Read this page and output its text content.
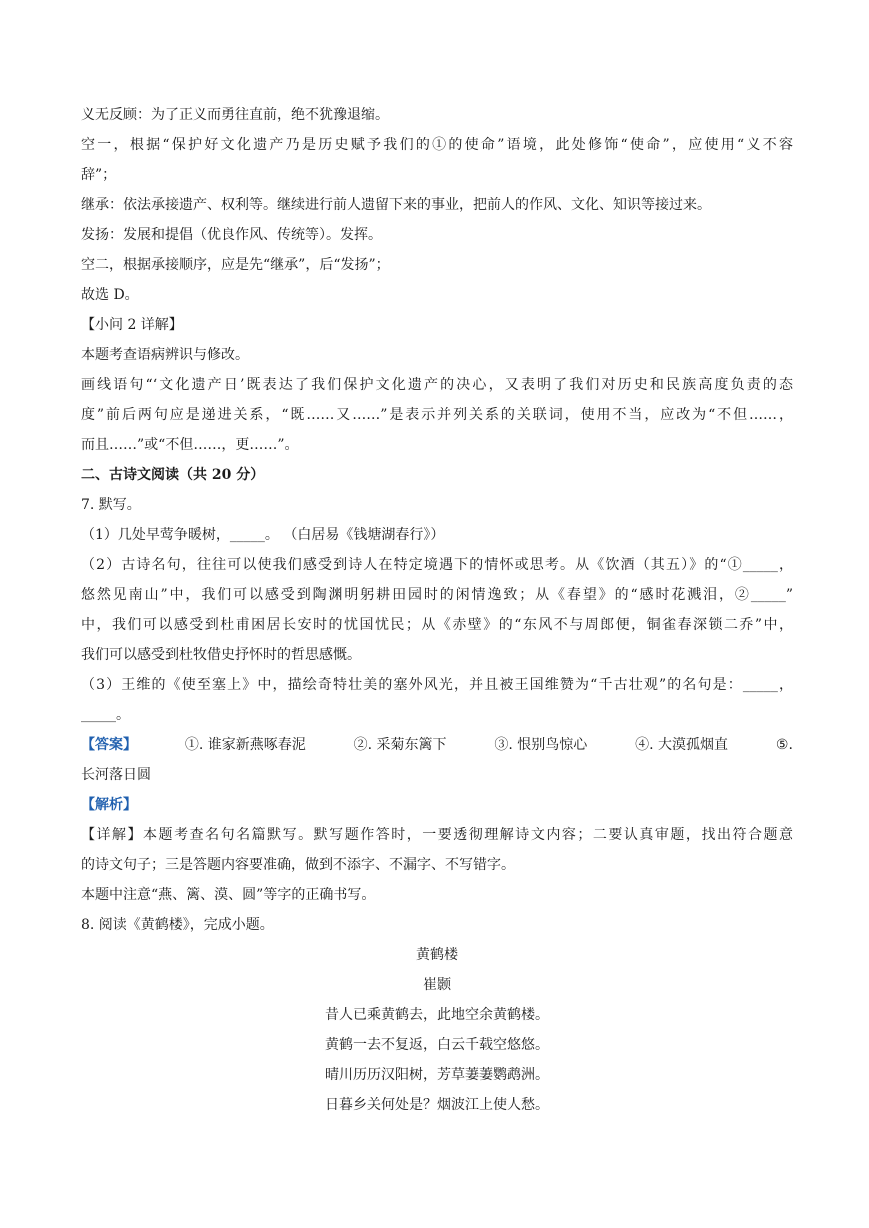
义无反顾：为了正义而勇往直前，绝不犹豫退缩。
空一，根据“保护好文化遗产乃是历史赋予我们的①的使命”语境，此处修饰“使命”，应使用“义不容
辞”；
继承：依法承接遗产、权利等。继续进行前人遗留下来的事业，把前人的作风、文化、知识等接过来。
发扬：发展和提倡（优良作风、传统等）。发挥。
空二，根据承接顺序，应是先“继承”，后“发扬”；
故选 D。
【小问 2 详解】
本题考查语病辨识与修改。
画线语句“‘文化遗产日’既表达了我们保护文化遗产的决心，又表明了我们对历史和民族高度负责的态
度”前后两句应是递进关系，“既……又……”是表示并列关系的关联词，使用不当，应改为“不但……，
而且……”或“不但……，更……”。
二、古诗文阅读（共 20 分）
7. 默写。
（1）几处早莺争暖树，_____。 （白居易《钱塘湖春行》）
（2）古诗名句，往往可以使我们感受到诗人在特定境遇下的情怀或思考。从《饮酒（其五）》的“①_____，
悠然见南山”中，我们可以感受到陶渊明躬耕田园时的闲情逸致；从《春望》的“感时花溅泪，②_____”
中，我们可以感受到杜甫困居长安时的忧国忧民；从《赤壁》的“东风不与周郎便，铜雀春深锁二乔”中，
我们可以感受到杜牧借史抒怀时的哲思感慨。
（3）王维的《使至塞上》中，描绘奇特壮美的塞外风光，并且被王国维赞为“千古壮观”的名句是：_____，
_____。
【答案】	①. 谁家新燕啄春泥	②. 采菊东篱下	③. 恨别鸟惊心	④. 大漠孤烟直	⑤.
长河落日圆
【解析】
【详解】本题考查名句名篇默写。默写题作答时，一要透彻理解诗文内容；二要认真审题，找出符合题意
的诗文句子；三是答题内容要准确，做到不添字、不漏字、不写错字。
本题中注意“燕、篱、漠、圆”等字的正确书写。
8. 阅读《黄鹤楼》，完成小题。
黄鹤楼
崔颢
昔人已乘黄鹤去，此地空余黄鹤楼。
黄鹤一去不复返，白云千载空悠悠。
晴川历历汉阳树，芳草萋萋鹦鹉洲。
日暮乡关何处是？烟波江上使人愁。
